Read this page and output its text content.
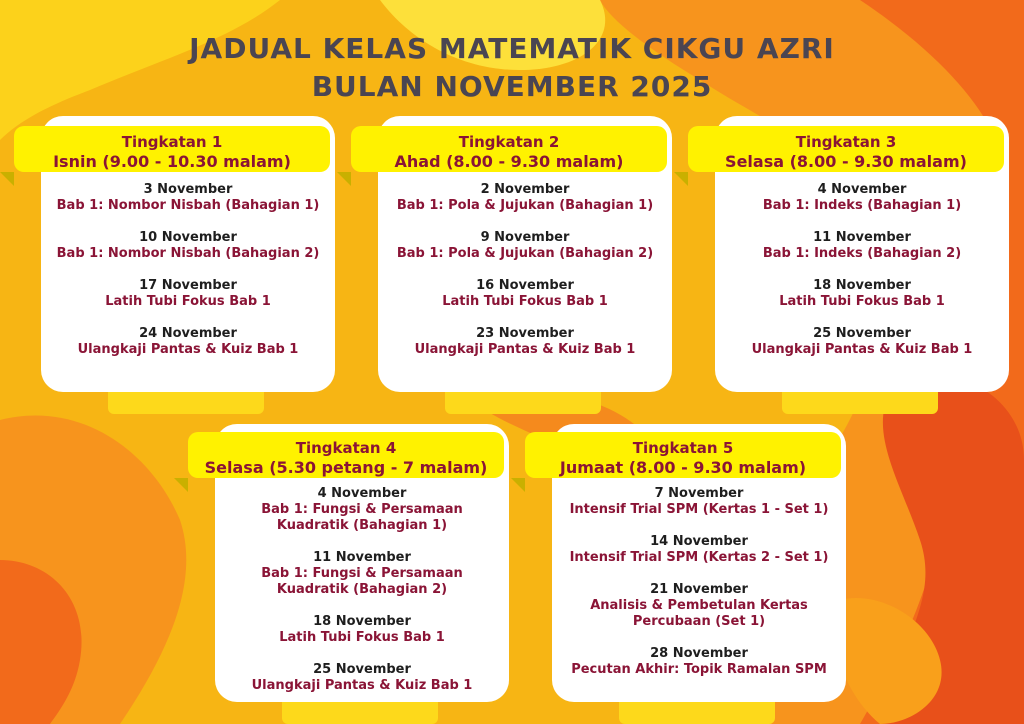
JADUAL KELAS MATEMATIK CIKGU AZRI
BULAN NOVEMBER 2025
Tingkatan 1
Isnin (9.00 - 10.30 malam)
3 November
Bab 1: Nombor Nisbah (Bahagian 1)
10 November
Bab 1: Nombor Nisbah (Bahagian 2)
17 November
Latih Tubi Fokus Bab 1
24 November
Ulangkaji Pantas & Kuiz Bab 1
Tingkatan 2
Ahad (8.00 - 9.30 malam)
2 November
Bab 1: Pola & Jujukan (Bahagian 1)
9 November
Bab 1: Pola & Jujukan (Bahagian 2)
16 November
Latih Tubi Fokus Bab 1
23 November
Ulangkaji Pantas & Kuiz Bab 1
Tingkatan 3
Selasa (8.00 - 9.30 malam)
4 November
Bab 1: Indeks (Bahagian 1)
11 November
Bab 1: Indeks (Bahagian 2)
18 November
Latih Tubi Fokus Bab 1
25 November
Ulangkaji Pantas & Kuiz Bab 1
Tingkatan 4
Selasa (5.30 petang - 7 malam)
4 November
Bab 1: Fungsi & Persamaan Kuadratik (Bahagian 1)
11 November
Bab 1: Fungsi & Persamaan Kuadratik (Bahagian 2)
18 November
Latih Tubi Fokus Bab 1
25 November
Ulangkaji Pantas & Kuiz Bab 1
Tingkatan 5
Jumaat (8.00 - 9.30 malam)
7 November
Intensif Trial SPM (Kertas 1 - Set 1)
14 November
Intensif Trial SPM (Kertas 2 - Set 1)
21 November
Analisis & Pembetulan Kertas Percubaan (Set 1)
28 November
Pecutan Akhir: Topik Ramalan SPM
